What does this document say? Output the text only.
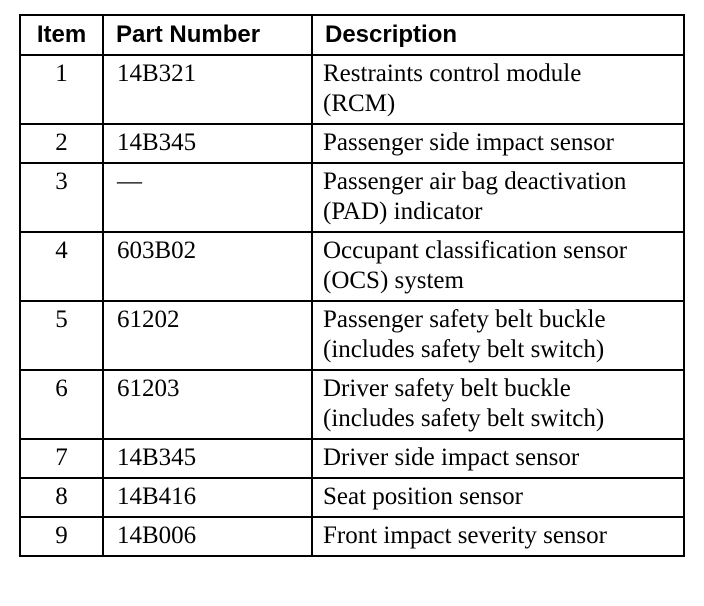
Item	Part Number	Description
1	14B321	Restraints control module
(RCM)
2	14B345	Passenger side impact sensor
3	—	Passenger air bag deactivation
(PAD) indicator
4	603B02	Occupant classification sensor
(OCS) system
5	61202	Passenger safety belt buckle
(includes safety belt switch)
6	61203	Driver safety belt buckle
(includes safety belt switch)
7	14B345	Driver side impact sensor
8	14B416	Seat position sensor
9	14B006	Front impact severity sensor
